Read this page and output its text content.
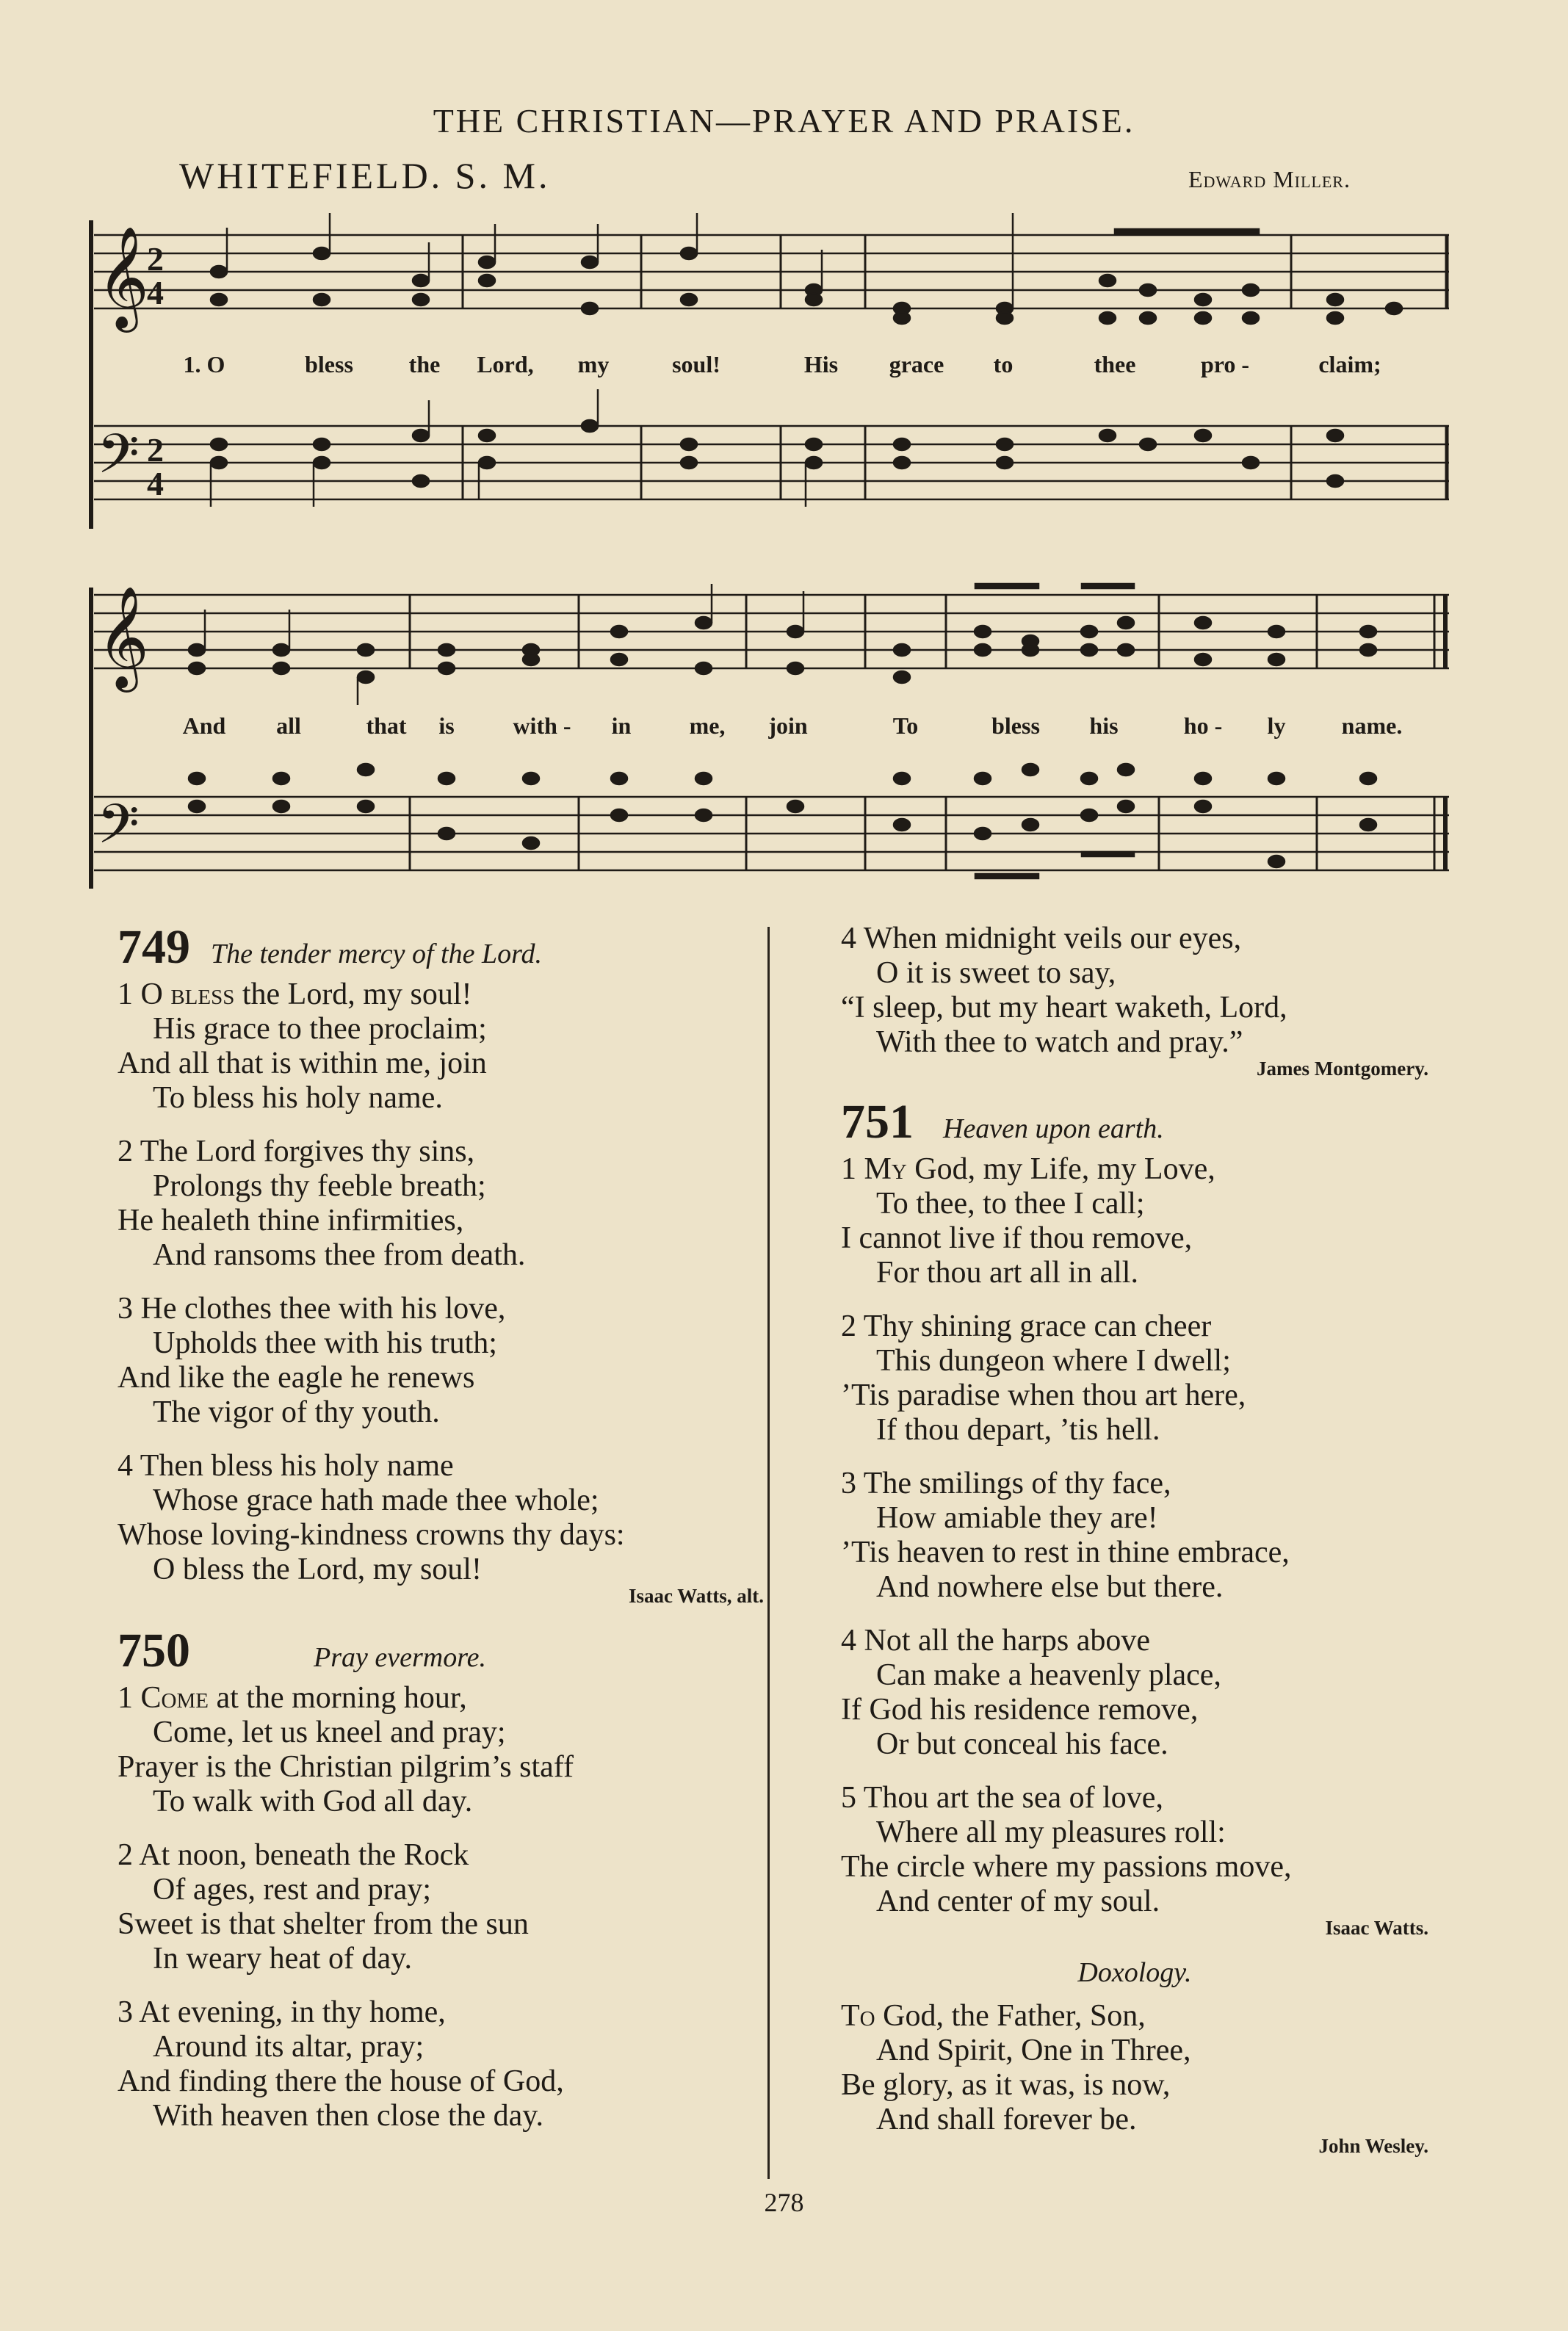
THE CHRISTIAN—PRAYER AND PRAISE.
WHITEFIELD. S. M.	Edward Miller.
𝄞
2
4
𝄢 2
4
1. O	bless the Lord, my	soul!	His grace to	thee	pro -	claim;
𝄞
𝄢
And all	that is with - in me, join	To	bless his	ho - ly name.
749 The tender mercy of the Lord.
1 O bless the Lord, my soul!
His grace to thee proclaim;
And all that is within me, join
To bless his holy name.
2 The Lord forgives thy sins,
Prolongs thy feeble breath;
He healeth thine infirmities,
And ransoms thee from death.
3 He clothes thee with his love,
Upholds thee with his truth;
And like the eagle he renews
The vigor of thy youth.
4 Then bless his holy name
Whose grace hath made thee whole;
Whose loving-kindness crowns thy days:
O bless the Lord, my soul!
Isaac Watts, alt.
750	Pray evermore.
1 Come at the morning hour,
Come, let us kneel and pray;
Prayer is the Christian pilgrim’s staff
To walk with God all day.
2 At noon, beneath the Rock
Of ages, rest and pray;
Sweet is that shelter from the sun
In weary heat of day.
3 At evening, in thy home,
Around its altar, pray;
And finding there the house of God,
With heaven then close the day.
4 When midnight veils our eyes,
O it is sweet to say,
“I sleep, but my heart waketh, Lord,
With thee to watch and pray.”
James Montgomery.
751 Heaven upon earth.
1 My God, my Life, my Love,
To thee, to thee I call;
I cannot live if thou remove,
For thou art all in all.
2 Thy shining grace can cheer
This dungeon where I dwell;
’Tis paradise when thou art here,
If thou depart, ’tis hell.
3 The smilings of thy face,
How amiable they are!
’Tis heaven to rest in thine embrace,
And nowhere else but there.
4 Not all the harps above
Can make a heavenly place,
If God his residence remove,
Or but conceal his face.
5 Thou art the sea of love,
Where all my pleasures roll:
The circle where my passions move,
And center of my soul.
Isaac Watts.
Doxology.
To God, the Father, Son,
And Spirit, One in Three,
Be glory, as it was, is now,
And shall forever be.
John Wesley.
278
